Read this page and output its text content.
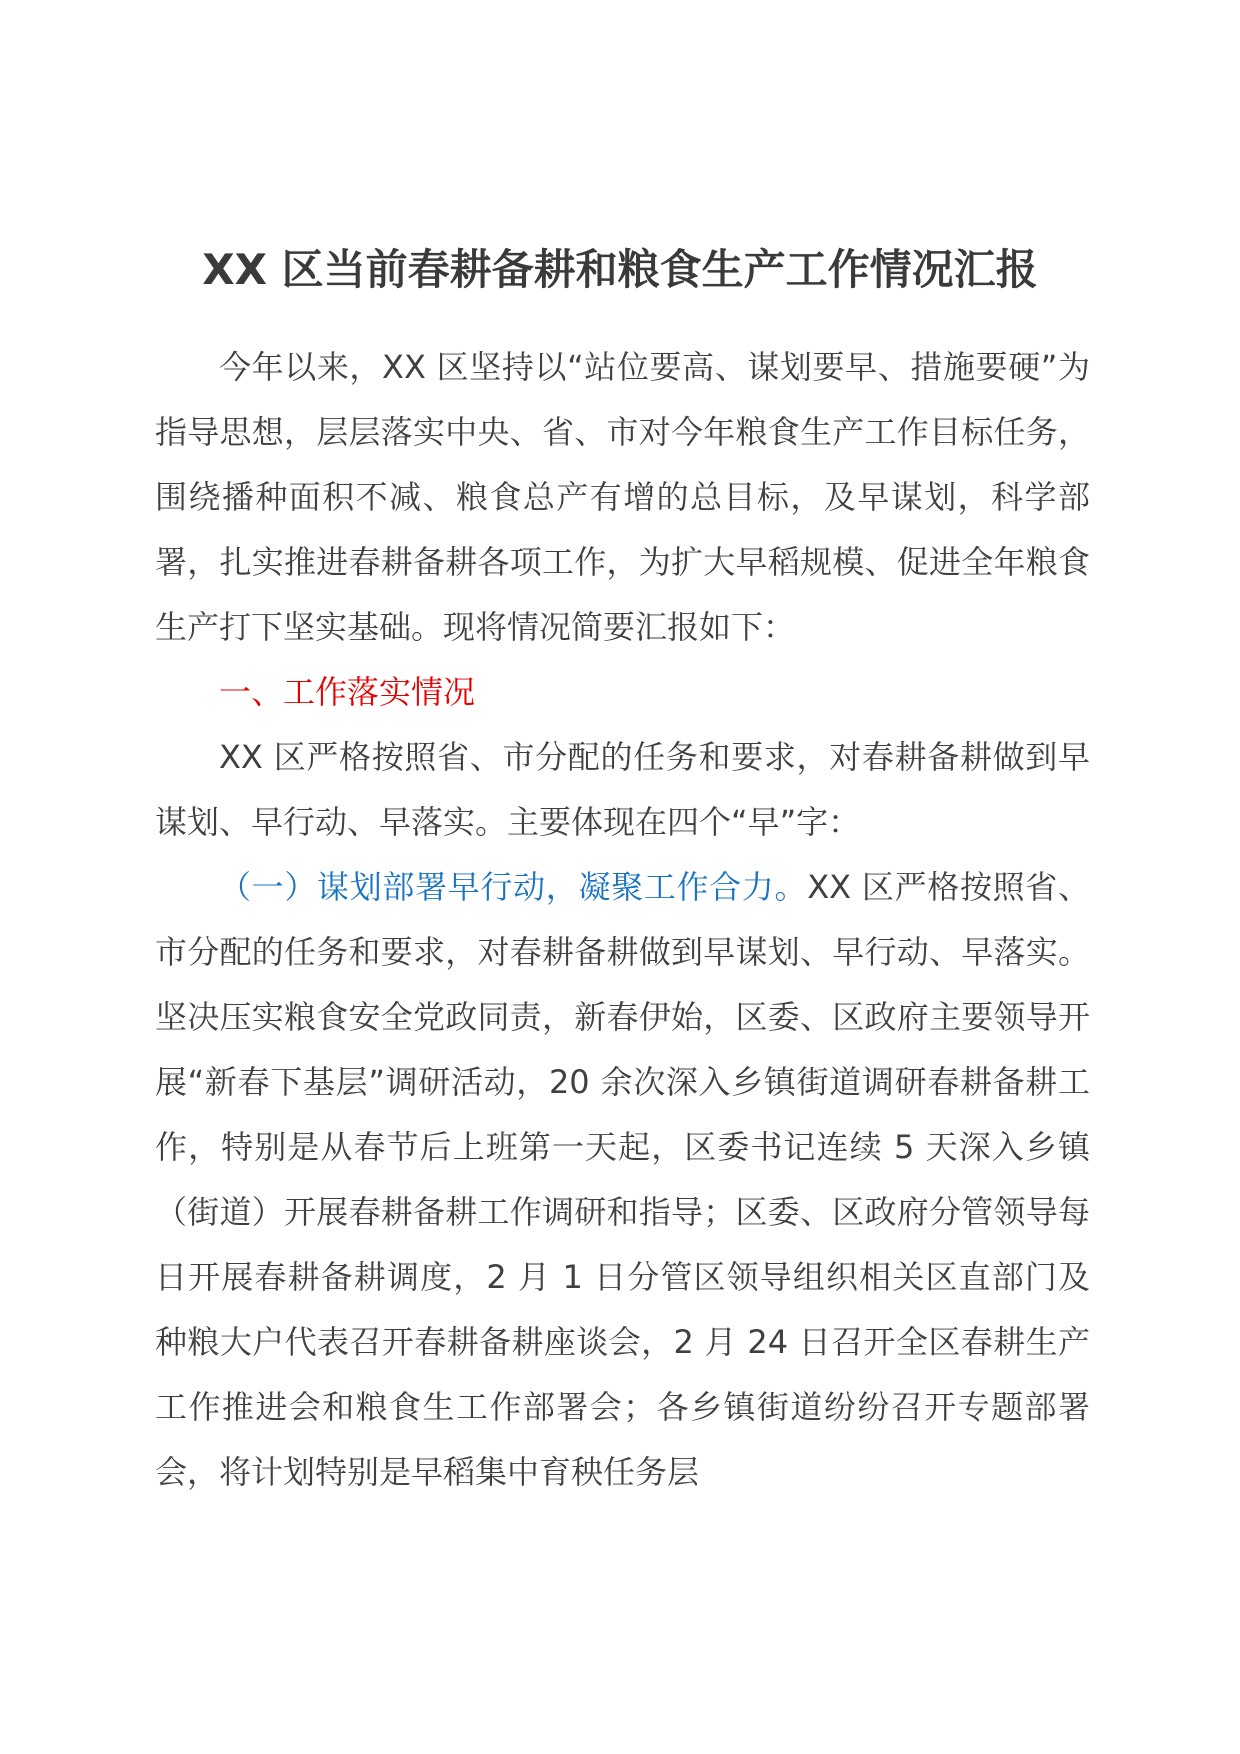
XX 区当前春耕备耕和粮食生产工作情况汇报

今年以来，XX 区坚持以“站位要高、谋划要早、措施要硬”为指导思想，层层落实中央、省、市对今年粮食生产工作目标任务，围绕播种面积不减、粮食总产有增的总目标，及早谋划，科学部署，扎实推进春耕备耕各项工作，为扩大早稻规模、促进全年粮食生产打下坚实基础。现将情况简要汇报如下：

一、工作落实情况

XX 区严格按照省、市分配的任务和要求，对春耕备耕做到早谋划、早行动、早落实。主要体现在四个“早”字：

（一）谋划部署早行动，凝聚工作合力。XX 区严格按照省、市分配的任务和要求，对春耕备耕做到早谋划、早行动、早落实。坚决压实粮食安全党政同责，新春伊始，区委、区政府主要领导开展“新春下基层”调研活动，20 余次深入乡镇街道调研春耕备耕工作，特别是从春节后上班第一天起，区委书记连续 5 天深入乡镇（街道）开展春耕备耕工作调研和指导；区委、区政府分管领导每日开展春耕备耕调度，2 月 1 日分管区领导组织相关区直部门及种粮大户代表召开春耕备耕座谈会，2 月 24 日召开全区春耕生产工作推进会和粮食生工作部署会；各乡镇街道纷纷召开专题部署会，将计划特别是早稻集中育秧任务层
